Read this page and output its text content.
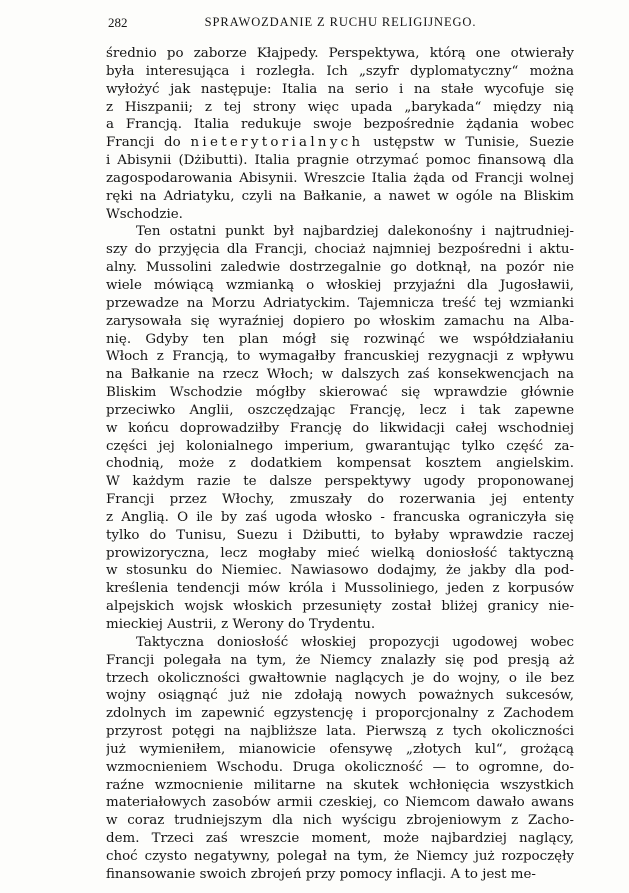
282	SPRAWOZDANIE Z RUCHU RELIGIJNEGO.
średnio po zaborze Kłajpedy. Perspektywa, którą one otwierały
była interesująca i rozległa. Ich „szyfr dyplomatyczny“ można
wyłożyć jak następuje: Italia na serio i na stałe wycofuje się
z Hiszpanii; z tej strony więc upada „barykada“ między nią
a Francją. Italia redukuje swoje bezpośrednie żądania wobec
Francji do nieterytorialnych ustępstw w Tunisie, Suezie
i Abisynii (Dżibutti). Italia pragnie otrzymać pomoc finansową dla
zagospodarowania Abisynii. Wreszcie Italia żąda od Francji wolnej
ręki na Adriatyku, czyli na Bałkanie, a nawet w ogóle na Bliskim
Wschodzie.
Ten ostatni punkt był najbardziej dalekonośny i najtrudniej-
szy do przyjęcia dla Francji, chociaż najmniej bezpośredni i aktu-
alny. Mussolini zaledwie dostrzegalnie go dotknął, na pozór nie
wiele mówiącą wzmianką o włoskiej przyjaźni dla Jugosławii,
przewadze na Morzu Adriatyckim. Tajemnicza treść tej wzmianki
zarysowała się wyraźniej dopiero po włoskim zamachu na Alba-
nię. Gdyby ten plan mógł się rozwinąć we współdziałaniu
Włoch z Francją, to wymagałby francuskiej rezygnacji z wpływu
na Bałkanie na rzecz Włoch; w dalszych zaś konsekwencjach na
Bliskim Wschodzie mógłby skierować się wprawdzie głównie
przeciwko Anglii, oszczędzając Francję, lecz i tak zapewne
w końcu doprowadziłby Francję do likwidacji całej wschodniej
części jej kolonialnego imperium, gwarantując tylko część za-
chodnią, może z dodatkiem kompensat kosztem angielskim.
W każdym razie te dalsze perspektywy ugody proponowanej
Francji przez Włochy, zmuszały do rozerwania jej ententy
z Anglią. O ile by zaś ugoda włosko - francuska ograniczyła się
tylko do Tunisu, Suezu i Dżibutti, to byłaby wprawdzie raczej
prowizoryczna, lecz mogłaby mieć wielką doniosłość taktyczną
w stosunku do Niemiec. Nawiasowo dodajmy, że jakby dla pod-
kreślenia tendencji mów króla i Mussoliniego, jeden z korpusów
alpejskich wojsk włoskich przesunięty został bliżej granicy nie-
mieckiej Austrii, z Werony do Trydentu.
Taktyczna doniosłość włoskiej propozycji ugodowej wobec
Francji polegała na tym, że Niemcy znalazły się pod presją aż
trzech okoliczności gwałtownie naglących je do wojny, o ile bez
wojny osiągnąć już nie zdołają nowych poważnych sukcesów,
zdolnych im zapewnić egzystencję i proporcjonalny z Zachodem
przyrost potęgi na najbliższe lata. Pierwszą z tych okoliczności
już wymieniłem, mianowicie ofensywę „złotych kul“, grożącą
wzmocnieniem Wschodu. Druga okoliczność — to ogromne, do-
raźne wzmocnienie militarne na skutek wchłonięcia wszystkich
materiałowych zasobów armii czeskiej, co Niemcom dawało awans
w coraz trudniejszym dla nich wyścigu zbrojeniowym z Zacho-
dem. Trzeci zaś wreszcie moment, może najbardziej naglący,
choć czysto negatywny, polegał na tym, że Niemcy już rozpoczęły
finansowanie swoich zbrojeń przy pomocy inflacji. A to jest me-
